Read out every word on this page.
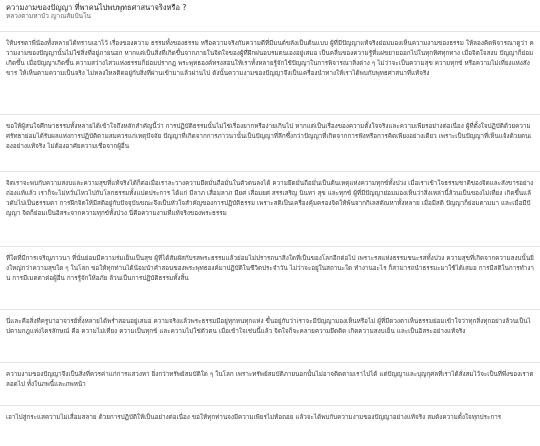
ความงามของปัญญา ที่พาคนไปพบพุทธศาสนาจริงหรือ ?

หลวงตามหาบัว ญาณสัมปันโน

ให้บรรดาพี่น้องทั้งหลายได้ทราบเอาไว้ เรื่องของความ ธรรมทั้งของธรรม หรือความจริงกับความดีที่มีมนต์ขลังเป็นต้นแบบ ผู้ที่มีปัญญาแท้จริงย่อมมองเห็นความงามของธรรม ให้ลองคิดพิจารณาดูว่า ความงามของปัญญานั้นไม่ใช่สิ่งที่อยู่ภายนอก หากแต่เป็นสิ่งที่เกิดขึ้นจากภายในจิตใจของผู้ที่ฝึกฝนอบรมตนเองอยู่เสมอ เป็นคลื่นของความรู้ที่แผ่ขยายออกไปในทุกทิศทุกทาง เมื่อจิตใจสงบ ปัญญาก็ย่อมเกิดขึ้น เมื่อปัญญาเกิดขึ้น ความสว่างไสวแห่งธรรมก็ย่อมปรากฏ พระพุทธองค์ทรงสอนให้เราทั้งหลายรู้จักใช้ปัญญาในการพิจารณาสิ่งต่าง ๆ ไม่ว่าจะเป็นความสุข ความทุกข์ หรือความไม่เที่ยงแห่งสังขาร ให้เห็นตามความเป็นจริง ไม่หลงใหลติดอยู่กับสิ่งที่ผ่านเข้ามาแล้วผ่านไป ดังนั้นความงามของปัญญาจึงเป็นเครื่องนำทางให้เราได้พบกับพุทธศาสนาที่แท้จริง

ขอให้ผู้สนใจศึกษาธรรมทั้งหลายได้เข้าใจถึงหลักสำคัญนี้ว่า การปฏิบัติธรรมนั้นไม่ใช่เรื่องยากหรือง่ายเกินไป หากแต่เป็นเรื่องของความตั้งใจจริงและความเพียรอย่างต่อเนื่อง ผู้ที่ตั้งใจปฏิบัติด้วยความศรัทธาย่อมได้รับผลแห่งการปฏิบัติตามสมควรแก่เหตุปัจจัย ปัญญาที่เกิดจากการภาวนานั้นเป็นปัญญาที่ลึกซึ้งกว่าปัญญาที่เกิดจากการฟังหรือการคิดเพียงอย่างเดียว เพราะเป็นปัญญาที่เห็นแจ้งด้วยตนเองอย่างแท้จริง ไม่ต้องอาศัยความเชื่อจากผู้อื่น

จิตเราจะพบกับความสงบและความสุขที่แท้จริงได้ก็ต่อเมื่อเราละวางความยึดมั่นถือมั่นในตัวตนลงได้ ความยึดมั่นถือมั่นเป็นต้นเหตุแห่งความทุกข์ทั้งปวง เมื่อเราเข้าใจธรรมชาติของจิตและสังขารอย่างถ่องแท้แล้ว เราก็จะไม่หวั่นไหวไปกับโลกธรรมทั้งแปดประการ ได้แก่ มีลาภ เสื่อมลาภ มียศ เสื่อมยศ สรรเสริญ นินทา สุข และทุกข์ ผู้ที่มีปัญญาย่อมมองเห็นว่าสิ่งเหล่านี้ล้วนเป็นของไม่เที่ยง เกิดขึ้นแล้วดับไปเป็นธรรมดา การฝึกจิตให้มีสติอยู่กับปัจจุบันขณะจึงเป็นหัวใจสำคัญของการปฏิบัติธรรม เพราะสติเป็นเครื่องคุ้มครองจิตให้พ้นจากกิเลสตัณหาทั้งหลาย เมื่อมีสติ ปัญญาก็ย่อมตามมา และเมื่อมีปัญญา จิตก็ย่อมเป็นอิสระจากความทุกข์ทั้งปวง นี่คือความงามที่แท้จริงของพระธรรม

ที่ใดที่มีการเจริญภาวนา ที่นั่นย่อมมีความร่มเย็นเป็นสุข ผู้ที่ได้สัมผัสกับรสพระธรรมแล้วย่อมไม่ปรารถนาสิ่งใดที่เป็นของโลกอีกต่อไป เพราะรสแห่งธรรมชนะรสทั้งปวง ความสุขที่เกิดจากความสงบนั้นยิ่งใหญ่กว่าความสุขใด ๆ ในโลก ขอให้ทุกท่านได้น้อมนำคำสอนของพระพุทธองค์มาปฏิบัติในชีวิตประจำวัน ไม่ว่าจะอยู่ในสถานะใด ทำงานอะไร ก็สามารถนำธรรมะมาใช้ได้เสมอ การมีสติในการทำงาน การมีเมตตาต่อผู้อื่น การรู้จักให้อภัย ล้วนเป็นการปฏิบัติธรรมทั้งสิ้น

นี่และคือสิ่งที่ครูบาอาจารย์ทั้งหลายได้พร่ำสอนอยู่เสมอ ความจริงแล้วพระธรรมมีอยู่ทุกหนทุกแห่ง ขึ้นอยู่กับว่าเราจะมีปัญญามองเห็นหรือไม่ ผู้ที่มีดวงตาเห็นธรรมย่อมเข้าใจว่าทุกสิ่งทุกอย่างล้วนเป็นไปตามกฎแห่งไตรลักษณ์ คือ ความไม่เที่ยง ความเป็นทุกข์ และความไม่ใช่ตัวตน เมื่อเข้าใจเช่นนี้แล้ว จิตใจก็จะคลายความยึดติด เกิดความสงบเย็น และเป็นอิสระอย่างแท้จริง

ความงามของปัญญาจึงเป็นสิ่งที่ควรค่าแก่การแสวงหา ยิ่งกว่าทรัพย์สมบัติใด ๆ ในโลก เพราะทรัพย์สมบัติภายนอกนั้นไม่อาจติดตามเราไปได้ แต่ปัญญาและบุญกุศลที่เราได้สั่งสมไว้จะเป็นที่พึ่งของเราตลอดไป ทั้งในภพนี้และภพหน้า

เอาไปสู่กระแสความไม่เสื่อมสลาย ด้วยการปฏิบัติให้เป็นอย่างต่อเนื่อง ขอให้ทุกท่านจงมีความเพียรไม่ท้อถอย แล้วจะได้พบกับความงามของปัญญาอย่างแท้จริง สมดังความตั้งใจทุกประการ
